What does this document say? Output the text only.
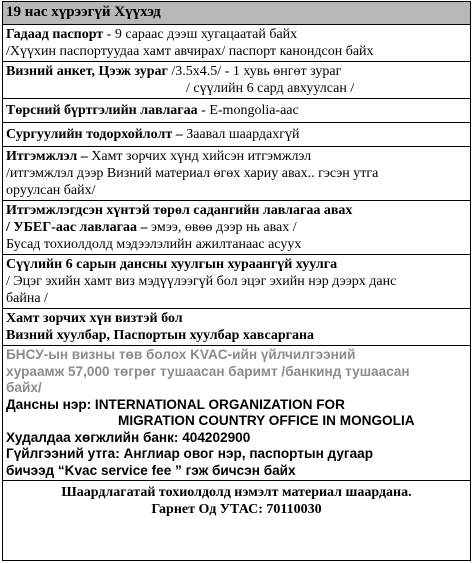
19 нас хүрээгүй Хүүхэд
Гадаад паспорт - 9 сараас дээш хугацаатай байх
/Хүүхин паспортуудаа хамт авчирах/ паспорт канондсон байх
Визний анкет, Цээж зураг /3.5x4.5/ - 1 хувь өнгөт зураг

/ сүүлийн 6 сард авхуулсан /
Төрсний бүртгэлийн лавлагаа - E-mongolia-аас
Сургуулийн тодорхойлолт – Заавал шаардахгүй
Итгэмжлэл – Хамт зорчих хүнд хийсэн итгэмжлэл
/итгэмжлэл дээр Визний материал өгөх хариу авах.. гэсэн утга
оруулсан байх/
Итгэмжлэгдсэн хүнтэй төрөл садангийн лавлагаа авах
/ УБЕГ-аас лавлагаа – эмээ, өвөө дээр нь авах /
Бусад тохиолдолд мэдээлэлийн ажилтанаас асуух
Сүүлийн 6 сарын дансны хуулгын хураангүй хуулга
/ Эцэг эхийн хамт виз мэдүүлээгүй бол эцэг эхийн нэр дээрх данс
байна /
Хамт зорчих хүн визтэй бол
Визний хуулбар, Паспортын хуулбар хавсаргана
БНСУ-ын визны төв болох KVAC-ийн үйлчилгээний
хураамж 57,000 төгрөг тушаасан баримт /банкинд тушаасан
байх/
Дансны нэр: INTERNATIONAL ORGANIZATION FOR
MIGRATION COUNTRY OFFICE IN MONGOLIA
Худалдаа хөгжлийн банк: 404202900
Гүйлгээний утга: Англиар овог нэр, паспортын дугаар
бичээд “Kvac service fee ” гэж бичсэн байх
Шаардлагатай тохиолдолд нэмэлт материал шаардана.
Гарнет Од УТАС: 70110030
